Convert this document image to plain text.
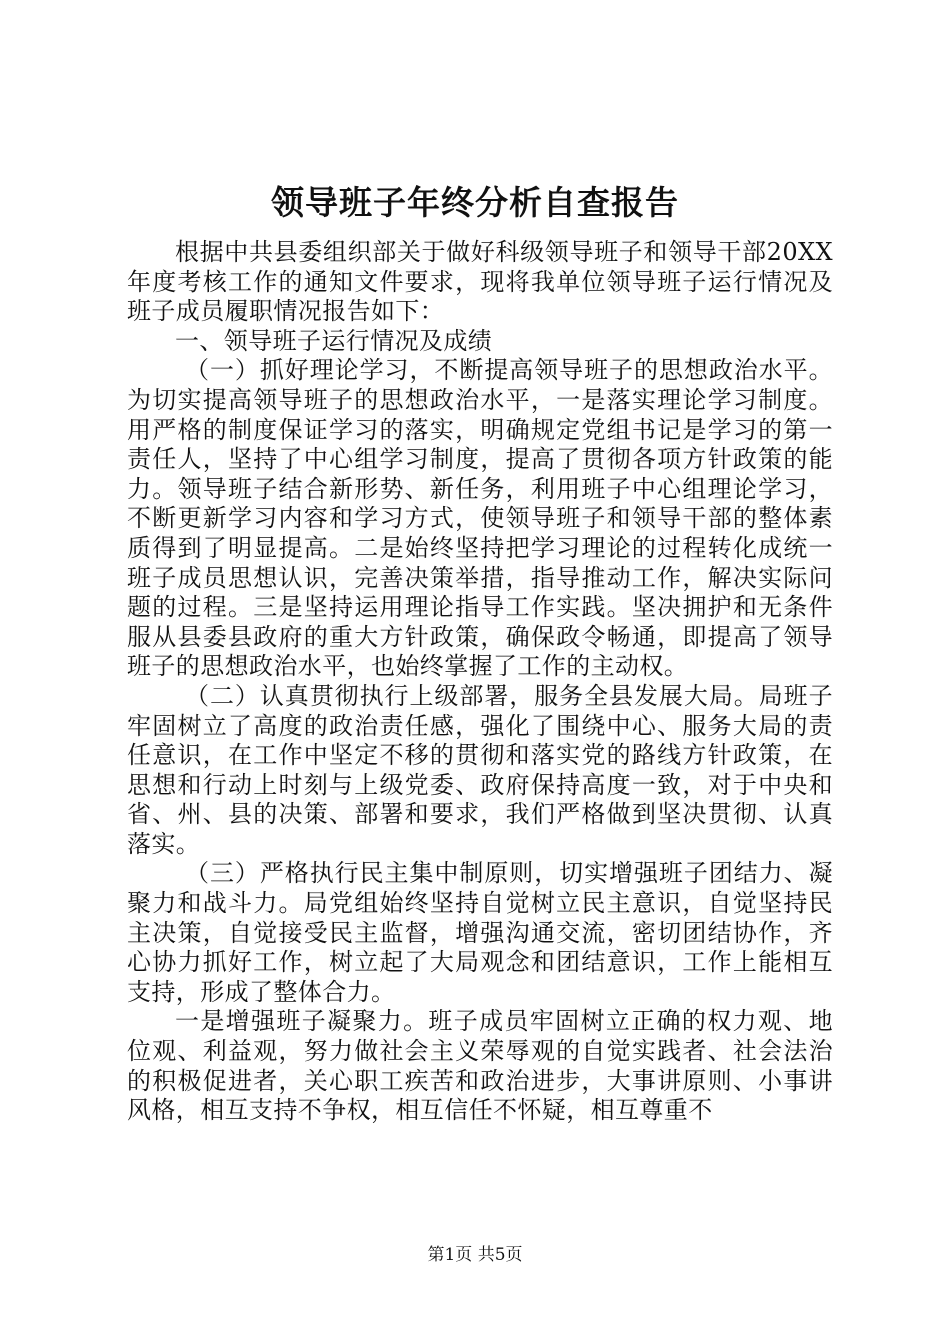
领导班子年终分析自查报告

根据中共县委组织部关于做好科级领导班子和领导干部20XX年度考核工作的通知文件要求，现将我单位领导班子运行情况及班子成员履职情况报告如下：

一、领导班子运行情况及成绩

（一）抓好理论学习，不断提高领导班子的思想政治水平。为切实提高领导班子的思想政治水平，一是落实理论学习制度。用严格的制度保证学习的落实，明确规定党组书记是学习的第一责任人，坚持了中心组学习制度，提高了贯彻各项方针政策的能力。领导班子结合新形势、新任务，利用班子中心组理论学习，不断更新学习内容和学习方式，使领导班子和领导干部的整体素质得到了明显提高。二是始终坚持把学习理论的过程转化成统一班子成员思想认识，完善决策举措，指导推动工作，解决实际问题的过程。三是坚持运用理论指导工作实践。坚决拥护和无条件服从县委县政府的重大方针政策，确保政令畅通，即提高了领导班子的思想政治水平，也始终掌握了工作的主动权。

（二）认真贯彻执行上级部署，服务全县发展大局。局班子牢固树立了高度的政治责任感，强化了围绕中心、服务大局的责任意识，在工作中坚定不移的贯彻和落实党的路线方针政策，在思想和行动上时刻与上级党委、政府保持高度一致，对于中央和省、州、县的决策、部署和要求，我们严格做到坚决贯彻、认真落实。

（三）严格执行民主集中制原则，切实增强班子团结力、凝聚力和战斗力。局党组始终坚持自觉树立民主意识，自觉坚持民主决策，自觉接受民主监督，增强沟通交流，密切团结协作，齐心协力抓好工作，树立起了大局观念和团结意识，工作上能相互支持，形成了整体合力。

一是增强班子凝聚力。班子成员牢固树立正确的权力观、地位观、利益观，努力做社会主义荣辱观的自觉实践者、社会法治的积极促进者，关心职工疾苦和政治进步，大事讲原则、小事讲风格，相互支持不争权，相互信任不怀疑，相互尊重不

第1页 共5页
